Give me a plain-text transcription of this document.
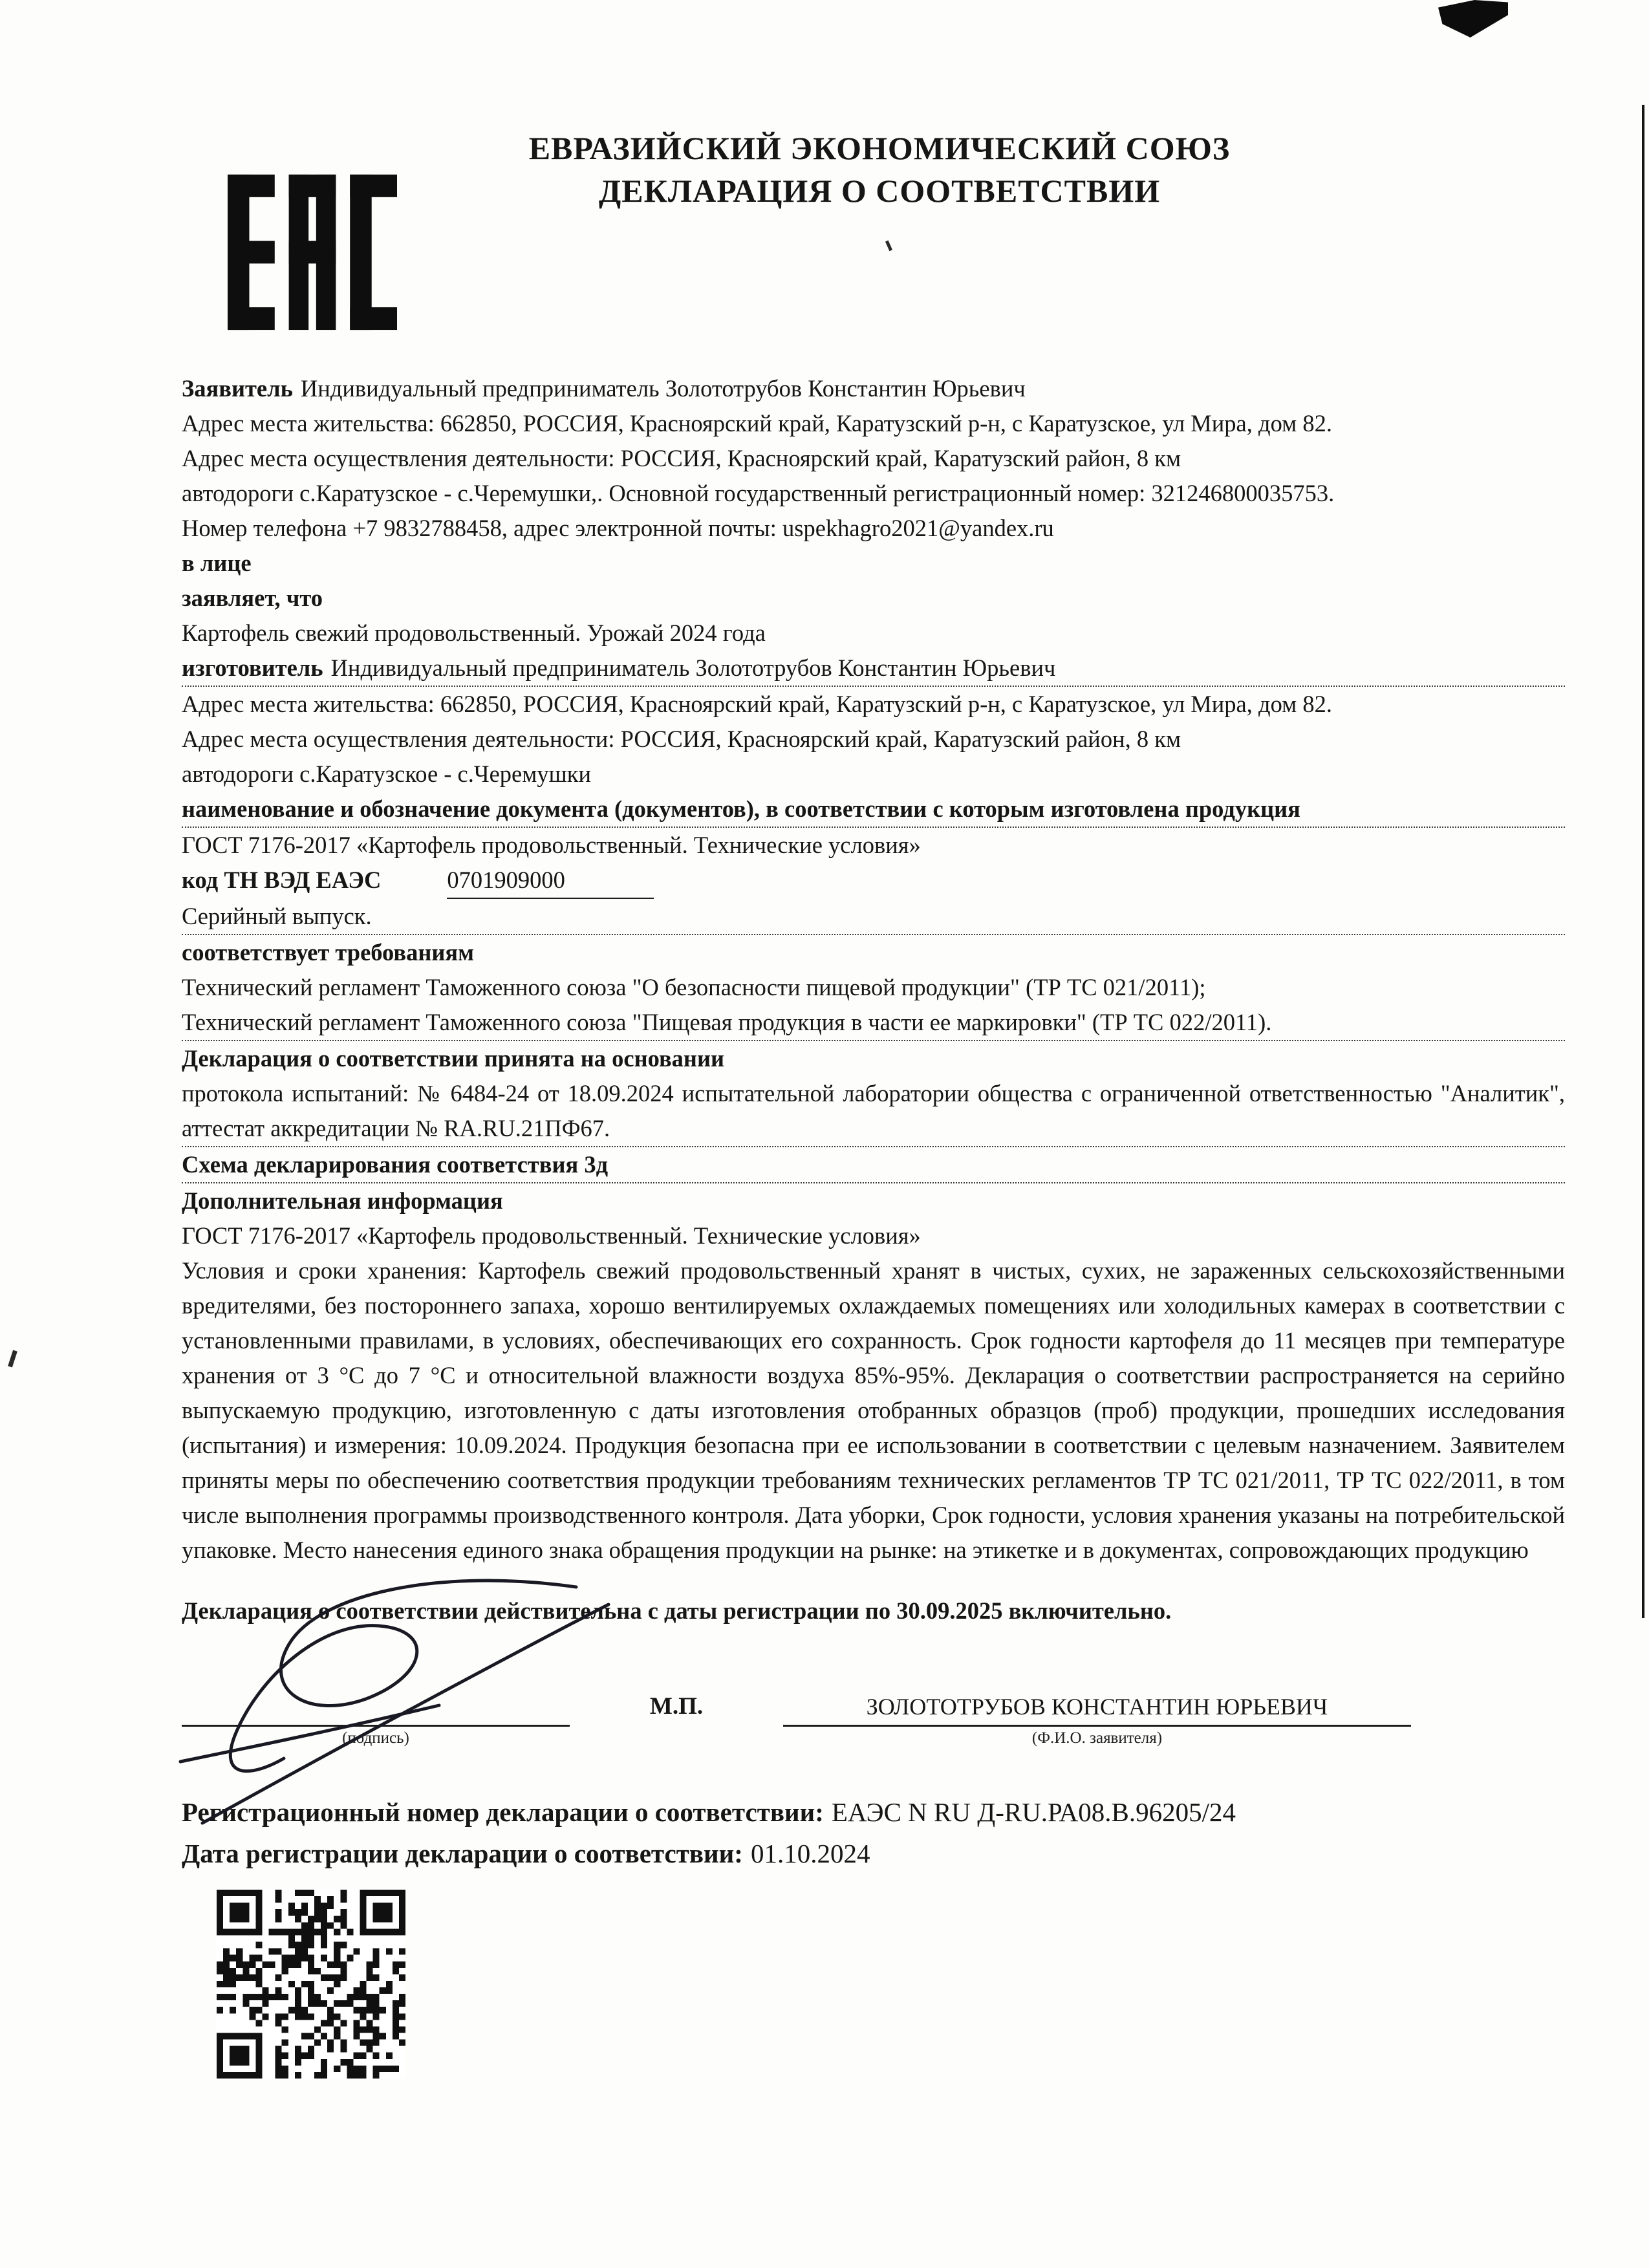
ЕВРАЗИЙСКИЙ ЭКОНОМИЧЕСКИЙ СОЮЗ
ДЕКЛАРАЦИЯ О СООТВЕТСТВИИ
Заявитель Индивидуальный предприниматель Золототрубов Константин Юрьевич
Адрес места жительства: 662850, РОССИЯ, Красноярский край, Каратузский р-н, с Каратузское, ул Мира, дом 82.
Адрес места осуществления деятельности: РОССИЯ, Красноярский край, Каратузский район, 8 км
автодороги с.Каратузское - с.Черемушки,. Основной государственный регистрационный номер: 321246800035753.
Номер телефона +7 9832788458, адрес электронной почты: uspekhagro2021@yandex.ru
в лице
заявляет, что
Картофель свежий продовольственный. Урожай 2024 года
изготовитель Индивидуальный предприниматель Золототрубов Константин Юрьевич
Адрес места жительства: 662850, РОССИЯ, Красноярский край, Каратузский р-н, с Каратузское, ул Мира, дом 82.
Адрес места осуществления деятельности: РОССИЯ, Красноярский край, Каратузский район, 8 км
автодороги с.Каратузское - с.Черемушки
наименование и обозначение документа (документов), в соответствии с которым изготовлена продукция
ГОСТ 7176-2017 «Картофель продовольственный. Технические условия»
код ТН ВЭД ЕАЭС	0701909000
Серийный выпуск.
соответствует требованиям
Технический регламент Таможенного союза "О безопасности пищевой продукции" (ТР ТС 021/2011);
Технический регламент Таможенного союза "Пищевая продукция в части ее маркировки" (ТР ТС 022/2011).
Декларация о соответствии принята на основании
протокола испытаний: № 6484-24 от 18.09.2024 испытательной лаборатории общества с ограниченной ответственностью "Аналитик", аттестат аккредитации № RA.RU.21ПФ67.
Схема декларирования соответствия 3д
Дополнительная информация
ГОСТ 7176-2017 «Картофель продовольственный. Технические условия»
Условия и сроки хранения: Картофель свежий продовольственный хранят в чистых, сухих, не зараженных сельскохозяйственными вредителями, без постороннего запаха, хорошо вентилируемых охлаждаемых помещениях или холодильных камерах в соответствии с установленными правилами, в условиях, обеспечивающих его сохранность. Срок годности картофеля до 11 месяцев при температуре хранения от 3 °С до 7 °С и относительной влажности воздуха 85%-95%. Декларация о соответствии распространяется на серийно выпускаемую продукцию, изготовленную с даты изготовления отобранных образцов (проб) продукции, прошедших исследования (испытания) и измерения: 10.09.2024. Продукция безопасна при ее использовании в соответствии с целевым назначением. Заявителем приняты меры по обеспечению соответствия продукции требованиям технических регламентов ТР ТС 021/2011, ТР ТС 022/2011, в том числе выполнения программы производственного контроля. Дата уборки, Срок годности, условия хранения указаны на потребительской упаковке. Место нанесения единого знака обращения продукции на рынке: на этикетке и в документах, сопровождающих продукцию
Декларация о соответствии действительна с даты регистрации по 30.09.2025 включительно.
(подпись)
М.П.	ЗОЛОТОТРУБОВ КОНСТАНТИН ЮРЬЕВИЧ
(Ф.И.О. заявителя)
Регистрационный номер декларации о соответствии: ЕАЭС N RU Д-RU.РА08.В.96205/24
Дата регистрации декларации о соответствии: 01.10.2024
